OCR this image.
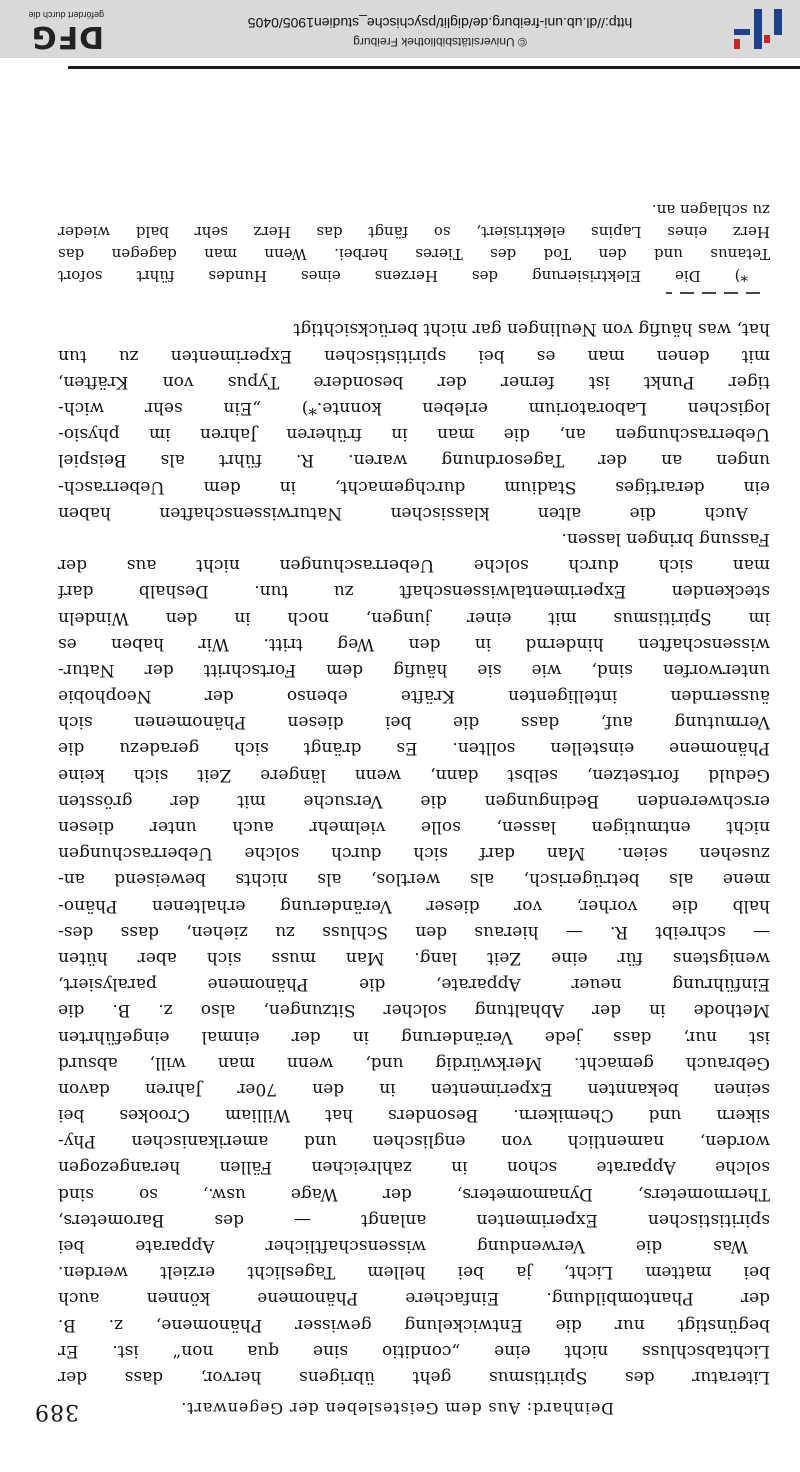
Deinhard: Aus dem Geistesleben der Gegenwart.
389
Literatur des Spiritismus geht übrigens hervor, dass der
Lichtabschluss nicht eine „conditio sine qua non“ ist. Er
begünstigt nur die Entwickelung gewisser Phänomene, z. B.
der Phantombildung. Einfachere Phänomene können auch
bei mattem Licht, ja bei hellem Tageslicht erzielt werden.
Was die Verwendung wissenschaftlicher Apparate bei
spiritistischen Experimenten anlangt — des Barometers,
Thermometers, Dynamometers, der Wage usw., so sind
solche Apparate schon in zahlreichen Fällen herangezogen
worden, namentlich von englischen und amerikanischen Phy-
sikern und Chemikern. Besonders hat William Crookes bei
seinen bekannten Experimenten in den 70er Jahren davon
Gebrauch gemacht. Merkwürdig und, wenn man will, absurd
ist nur, dass jede Veränderung in der einmal eingeführten
Methode in der Abhaltung solcher Sitzungen, also z. B. die
Einführung neuer Apparate, die Phänomene paralysiert,
wenigstens für eine Zeit lang. Man muss sich aber hüten
— schreibt R. — hieraus den Schluss zu ziehen, dass des-
halb die vorher, vor dieser Veränderung erhaltenen Phäno-
mene als betrügerisch, als wertlos, als nichts beweisend an-
zusehen seien. Man darf sich durch solche Ueberraschungen
nicht entmutigen lassen, solle vielmehr auch unter diesen
erschwerenden Bedingungen die Versuche mit der grössten
Geduld fortsetzen, selbst dann, wenn längere Zeit sich keine
Phänomene einstellen sollten. Es drängt sich geradezu die
Vermutung auf, dass die bei diesen Phänomenen sich
äussernden intelligenten Kräfte ebenso der Neophobie
unterworfen sind, wie sie häufig dem Fortschritt der Natur-
wissenschaften hindernd in den Weg tritt. Wir haben es
im Spiritismus mit einer jungen, noch in den Windeln
steckenden Experimentalwissenschaft zu tun. Deshalb darf
man sich durch solche Ueberraschungen nicht aus der
Fassung bringen lassen.
Auch die alten klassischen Naturwissenschaften haben
ein derartiges Stadium durchgemacht, in dem Ueberrasch-
ungen an der Tagesordnung waren. R. führt als Beispiel
Ueberraschungen an, die man in früheren Jahren im physio-
logischen Laboratorium erleben konnte.*) „Ein sehr wich-
tiger Punkt ist ferner der besondere Typus von Kräften,
mit denen man es bei spiritistischen Experimenten zu tun
hat, was häufig von Neulingen gar nicht berücksichtigt
*) Die Elektrisierung des Herzens eines Hundes führt sofort
Tetanus und den Tod des Tieres herbei. Wenn man dagegen das
Herz eines Lapins elektrisiert, so fängt das Herz sehr bald wieder
zu schlagen an.
© Universitätsbibliothek Freiburg
http://dl.ub.uni-freiburg.de/diglit/psychische_studien1905/0405
DFG
gefördert durch die
